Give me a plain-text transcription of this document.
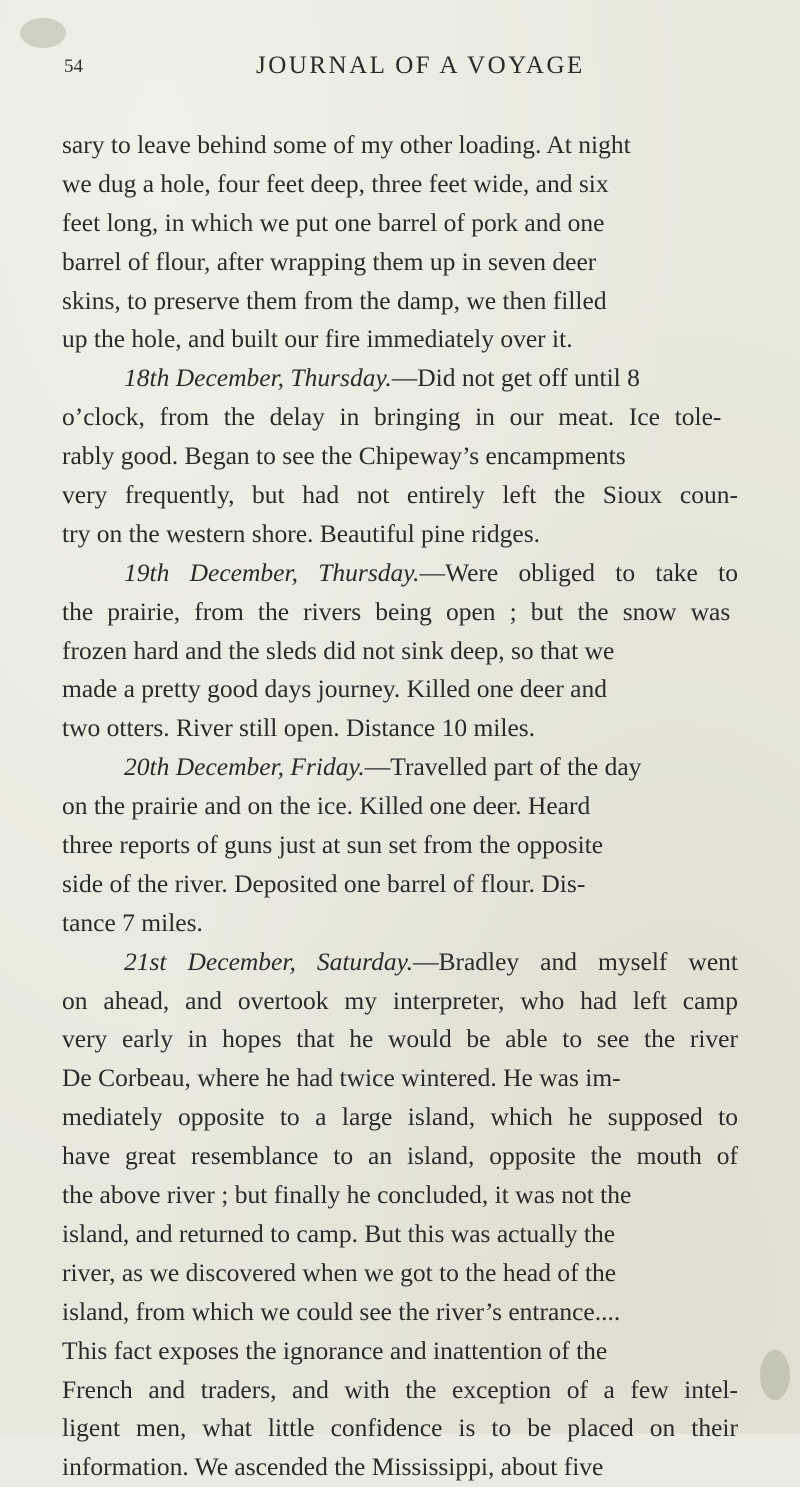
54	JOURNAL OF A VOYAGE
sary to leave behind some of my other loading. At night
we dug a hole, four feet deep, three feet wide, and six
feet long, in which we put one barrel of pork and one
barrel of flour, after wrapping them up in seven deer
skins, to preserve them from the damp, we then filled
up the hole, and built our fire immediately over it.
18th December, Thursday.—Did not get off until 8
o’clock, from the delay in bringing in our meat. Ice tole-
rably good. Began to see the Chipeway’s encampments
very frequently, but had not entirely left the Sioux coun-
try on the western shore. Beautiful pine ridges.
19th December, Thursday.—Were obliged to take to
the prairie, from the rivers being open ; but the snow was
frozen hard and the sleds did not sink deep, so that we
made a pretty good days journey. Killed one deer and
two otters. River still open. Distance 10 miles.
20th December, Friday.—Travelled part of the day
on the prairie and on the ice. Killed one deer. Heard
three reports of guns just at sun set from the opposite
side of the river. Deposited one barrel of flour. Dis-
tance 7 miles.
21st December, Saturday.—Bradley and myself went
on ahead, and overtook my interpreter, who had left camp
very early in hopes that he would be able to see the river
De Corbeau, where he had twice wintered. He was im-
mediately opposite to a large island, which he supposed to
have great resemblance to an island, opposite the mouth of
the above river ; but finally he concluded, it was not the
island, and returned to camp. But this was actually the
river, as we discovered when we got to the head of the
island, from which we could see the river’s entrance....
This fact exposes the ignorance and inattention of the
French and traders, and with the exception of a few intel-
ligent men, what little confidence is to be placed on their
information. We ascended the Mississippi, about five
